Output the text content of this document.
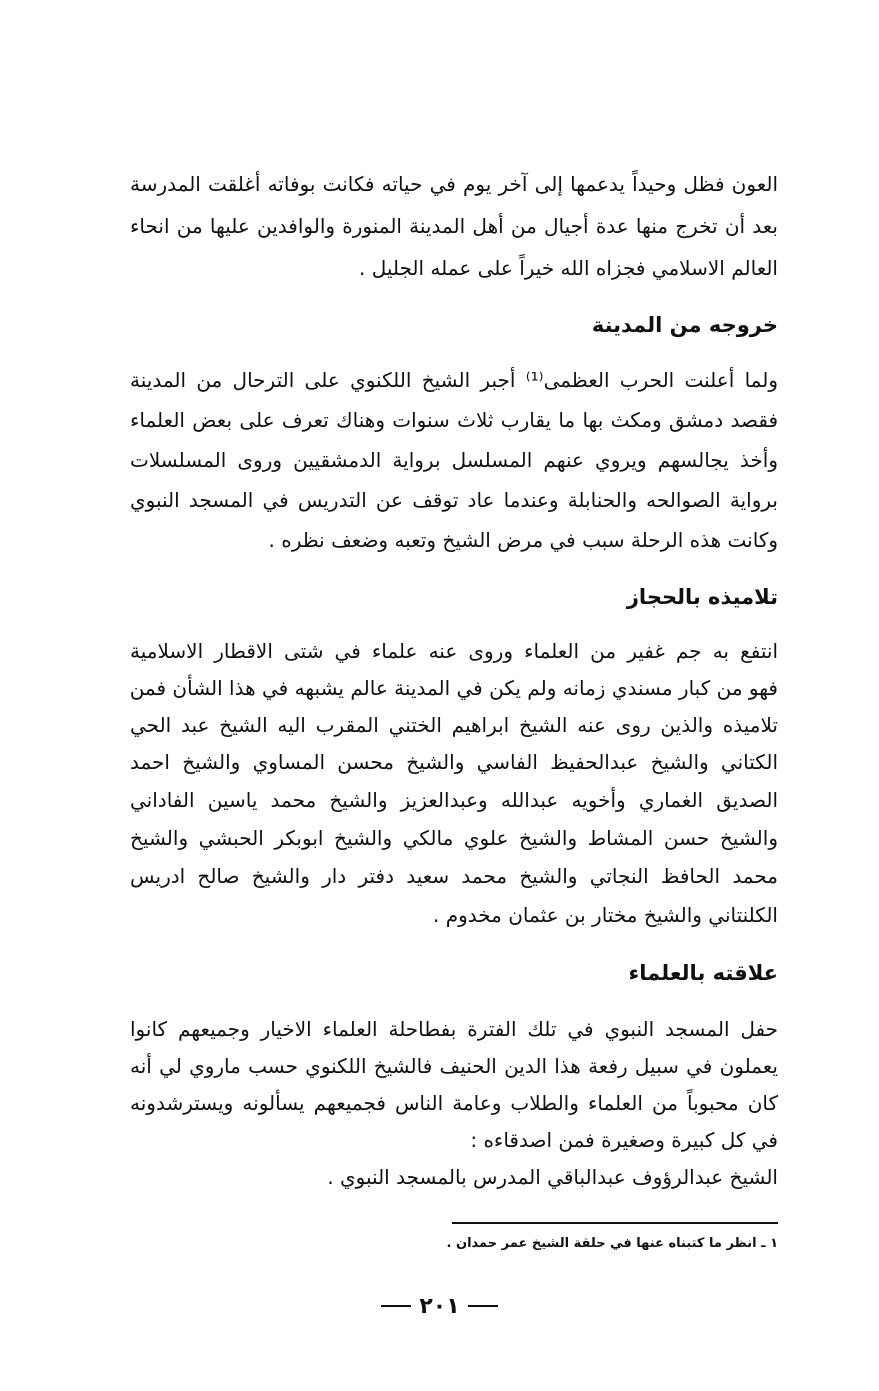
العون فظل وحيداً يدعمها إلى آخر يوم في حياته فكانت بوفاته أغلقت المدرسة
بعد أن تخرج منها عدة أجيال من أهل المدينة المنورة والوافدين عليها من انحاء
العالم الاسلامي فجزاه الله خيراً على عمله الجليل .
خروجه من المدينة
ولما أعلنت الحرب العظمى⁽¹⁾ أجبر الشيخ اللكنوي على الترحال من المدينة
فقصد دمشق ومكث بها ما يقارب ثلاث سنوات وهناك تعرف على بعض العلماء
وأخذ يجالسهم ويروي عنهم المسلسل برواية الدمشقيين وروى المسلسلات
برواية الصوالحه والحنابلة وعندما عاد توقف عن التدريس في المسجد النبوي
وكانت هذه الرحلة سبب في مرض الشيخ وتعبه وضعف نظره .
تلاميذه بالحجاز
انتفع به جم غفير من العلماء وروى عنه علماء في شتى الاقطار الاسلامية
فهو من كبار مسندي زمانه ولم يكن في المدينة عالم يشبهه في هذا الشأن فمن
تلاميذه والذين روى عنه الشيخ ابراهيم الختني المقرب اليه الشيخ عبد الحي
الكتاني والشيخ عبدالحفيظ الفاسي والشيخ محسن المساوي والشيخ احمد
الصديق الغماري وأخويه عبدالله وعبدالعزيز والشيخ محمد ياسين الفاداني
والشيخ حسن المشاط والشيخ علوي مالكي والشيخ ابوبكر الحبشي والشيخ
محمد الحافظ النجاتي والشيخ محمد سعيد دفتر دار والشيخ صالح ادريس
الكلنتاني والشيخ مختار بن عثمان مخدوم .
علاقته بالعلماء
حفل المسجد النبوي في تلك الفترة بفطاحلة العلماء الاخيار وجميعهم كانوا
يعملون في سبيل رفعة هذا الدين الحنيف فالشيخ اللكنوي حسب ماروي لي أنه
كان محبوباً من العلماء والطلاب وعامة الناس فجميعهم يسألونه ويسترشدونه
في كل كبيرة وصغيرة فمن اصدقاءه :
الشيخ عبدالرؤوف عبدالباقي المدرس بالمسجد النبوي .
١ ـ انظر ما كتبناه عنها في حلقة الشيخ عمر حمدان .
٢٠١
